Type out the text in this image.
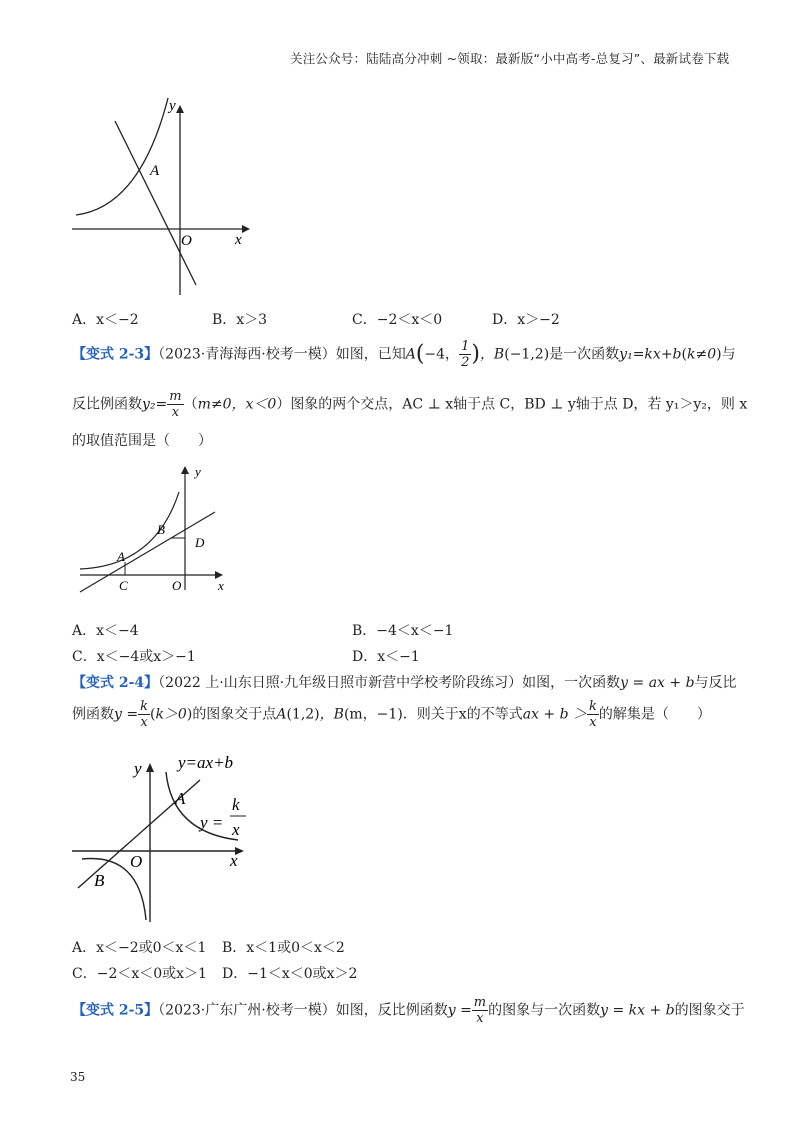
关注公众号：陆陆高分冲刺 ~领取：最新版“小中高考-总复习”、最新试卷下载
y
x
A
O
A．x＜−2	B．x＞3	C．−2＜x＜0	D．x＞−2
【变式 2-3】（2023·青海海西·校考一模）如图，已知A(−4， $\frac{1}{2}$ )，B(−1,2)是一次函数y₁=kx+b(k≠0)与
反比例函数$y_2= \frac{m}{x} (m\ne 0$，x＜0）图象的两个交点，AC ⊥ x轴于点 C，BD ⊥ y轴于点 D，若 y₁＞y₂，则 x
的取值范围是（　　）
y
x
A
B
C
D
O
A．x＜−4	B．−4＜x＜−1
C．x＜−4或x＞−1	D．x＜−1
【变式 2-4】（2022 上·山东日照·九年级日照市新营中学校考阶段练习）如图，一次函数y = ax + b与反比
例函数$y = \frac{k}{x} (k>0)$的图象交于点A(1,2)，B(m，−1)．则关于x的不等式ax + $b > \frac{k}{x}$ 的解集是（　　）
y
x
A
B
O
y=ax+b
y =
k
x
A．x＜−2或0＜x＜1 B．x＜1或0＜x＜2
C．−2＜x＜0或x＞1 D．−1＜x＜0或x＞2
【变式 2-5】（2023·广东广州·校考一模）如图，反比例函数$y = \frac{m}{x}$ 的图象与一次函数y = kx + b的图象交于
35
